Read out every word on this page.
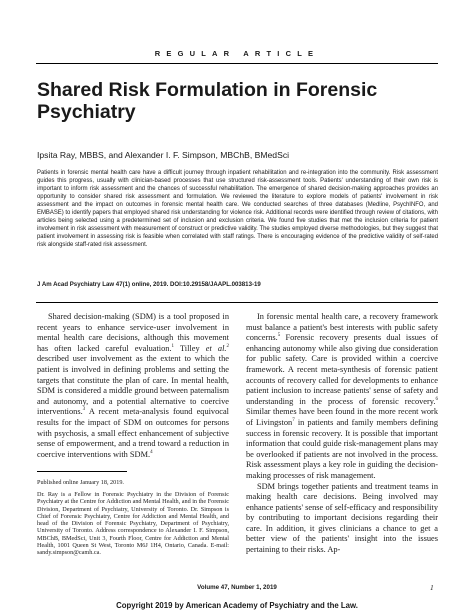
REGULAR ARTICLE
Shared Risk Formulation in Forensic Psychiatry
Ipsita Ray, MBBS, and Alexander I. F. Simpson, MBChB, BMedSci
Patients in forensic mental health care have a difficult journey through inpatient rehabilitation and re-integration into the community. Risk assessment guides this progress, usually with clinician-based processes that use structured risk-assessment tools. Patients' understanding of their own risk is important to inform risk assessment and the chances of successful rehabilitation. The emergence of shared decision-making approaches provides an opportunity to consider shared risk assessment and formulation. We reviewed the literature to explore models of patients' involvement in risk assessment and the impact on outcomes in forensic mental health care. We conducted searches of three databases (Medline, PsychINFO, and EMBASE) to identify papers that employed shared risk understanding for violence risk. Additional records were identified through review of citations, with articles being selected using a predetermined set of inclusion and exclusion criteria. We found five studies that met the inclusion criteria for patient involvement in risk assessment with measurement of construct or predictive validity. The studies employed diverse methodologies, but they suggest that patient involvement in assessing risk is feasible when correlated with staff ratings. There is encouraging evidence of the predictive validity of self-rated risk alongside staff-rated risk assessment.
J Am Acad Psychiatry Law 47(1) online, 2019. DOI:10.29158/JAAPL.003813-19

Shared decision-making (SDM) is a tool proposed in recent years to enhance service-user involvement in mental health care decisions, although this movement has often lacked careful evaluation.$^1$ Tilley et al.$^2$ described user involvement as the extent to which the patient is involved in defining problems and setting the targets that constitute the plan of care. In mental health, SDM is considered a middle ground between paternalism and autonomy, and a potential alternative to coercive interventions.$^3$ A recent meta-analysis found equivocal results for the impact of SDM on outcomes for persons with psychosis, a small effect enhancement of subjective sense of empowerment, and a trend toward a reduction in coercive interventions with SDM.$^4$

Published online January 18, 2019.
Dr. Ray is a Fellow in Forensic Psychiatry in the Division of Forensic Psychiatry at the Centre for Addiction and Mental Health, and in the Forensic Division, Department of Psychiatry, University of Toronto. Dr. Simpson is Chief of Forensic Psychiatry, Centre for Addiction and Mental Health, and head of the Division of Forensic Psychiatry, Department of Psychiatry, University of Toronto. Address correspondence to Alexander I. F. Simpson, MBChB, BMedSci, Unit 3, Fourth Floor, Centre for Addiction and Mental Health, 1001 Queen St West, Toronto M6J 1H4, Ontario, Canada. E-mail: sandy.simpson@camh.ca.

In forensic mental health care, a recovery framework must balance a patient's best interests with public safety concerns.$^5$ Forensic recovery presents dual issues of enhancing autonomy while also giving due consideration for public safety. Care is provided within a coercive framework. A recent meta-synthesis of forensic patient accounts of recovery called for developments to enhance patient inclusion to increase patients' sense of safety and understanding in the process of forensic recovery.$^6$ Similar themes have been found in the more recent work of Livingston$^7$ in patients and family members defining success in forensic recovery. It is possible that important information that could guide risk-management plans may be overlooked if patients are not involved in the process. Risk assessment plays a key role in guiding the decision-making processes of risk management.

SDM brings together patients and treatment teams in making health care decisions. Being involved may enhance patients' sense of self-efficacy and responsibility by contributing to important decisions regarding their care. In addition, it gives clinicians a chance to get a better view of the patients' insight into the issues pertaining to their risks. Ap-

Volume 47, Number 1, 2019	1
Copyright 2019 by American Academy of Psychiatry and the Law.
